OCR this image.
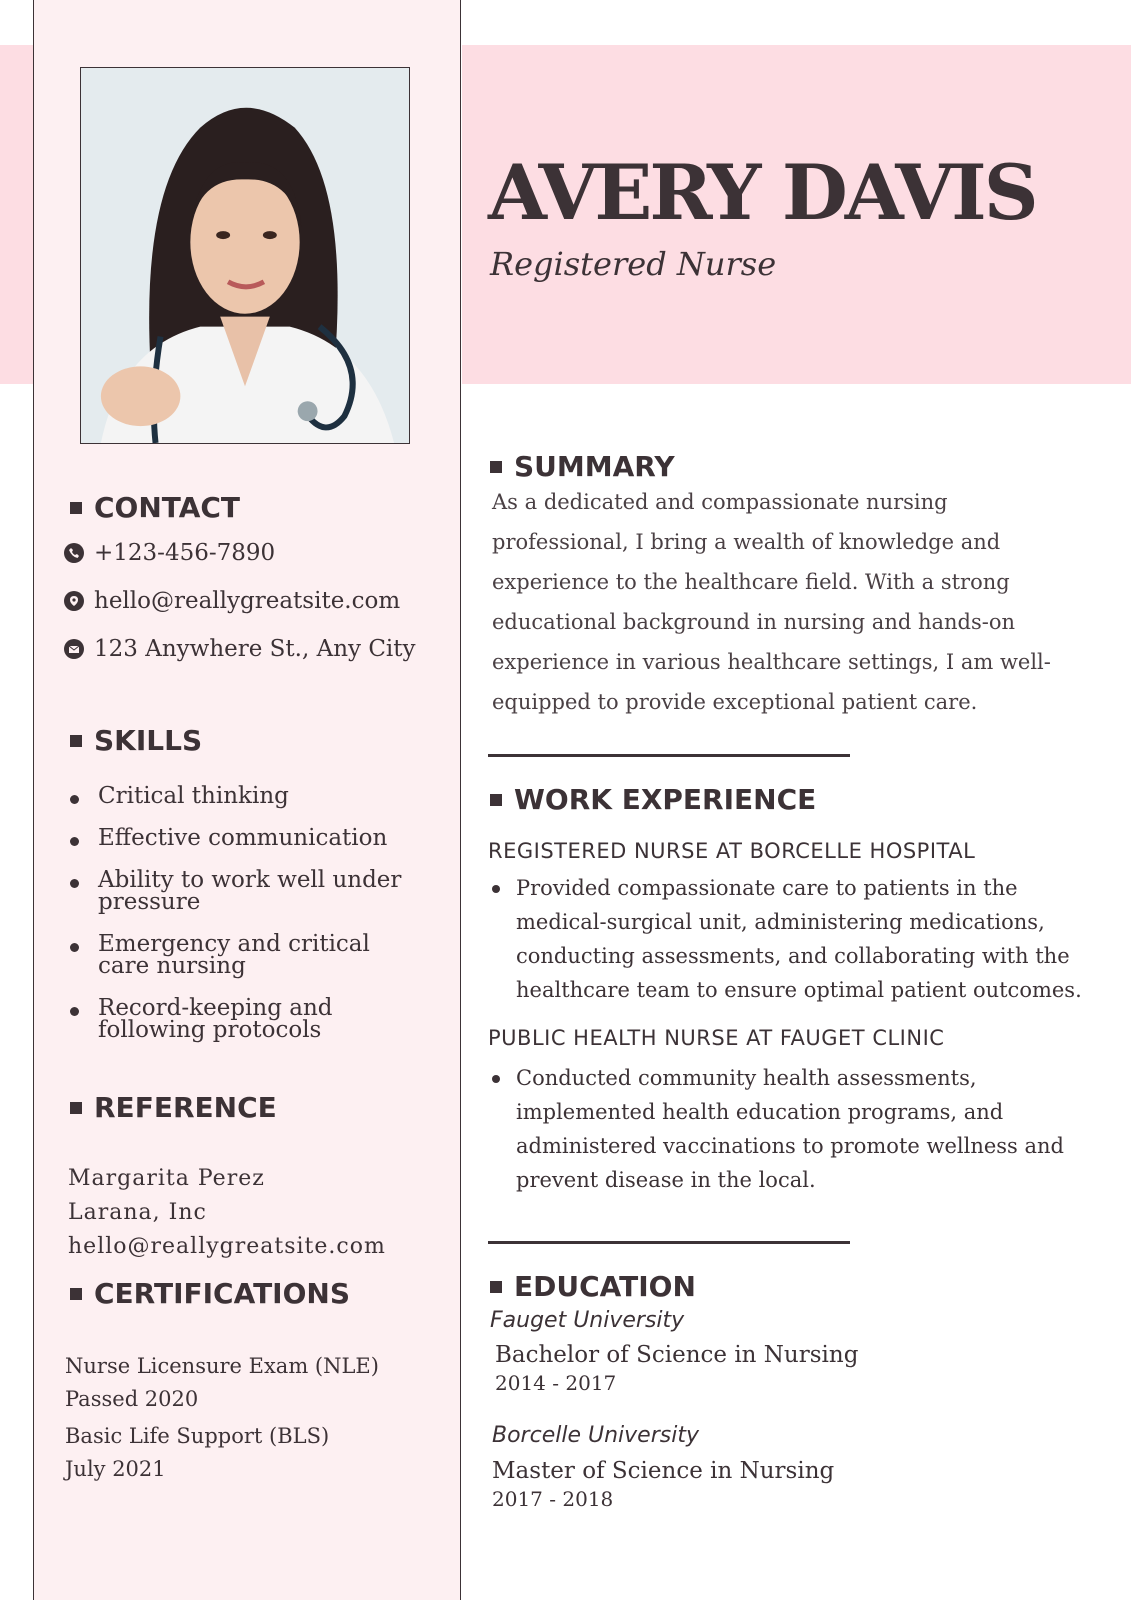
AVERY DAVIS
Registered Nurse
CONTACT
+123-456-7890
hello@reallygreatsite.com
123 Anywhere St., Any City
SKILLS
Critical thinking
Effective communication
Ability to work well under pressure
Emergency and critical care nursing
Record-keeping and following protocols
REFERENCE
Margarita Perez
Larana, Inc
hello@reallygreatsite.com
CERTIFICATIONS
Nurse Licensure Exam (NLE)
Passed 2020
Basic Life Support (BLS)
July 2021
SUMMARY
As a dedicated and compassionate nursing professional, I bring a wealth of knowledge and experience to the healthcare field. With a strong educational background in nursing and hands-on experience in various healthcare settings, I am well-equipped to provide exceptional patient care.
WORK EXPERIENCE
REGISTERED NURSE AT BORCELLE HOSPITAL
Provided compassionate care to patients in the medical-surgical unit, administering medications, conducting assessments, and collaborating with the healthcare team to ensure optimal patient outcomes.
PUBLIC HEALTH NURSE AT FAUGET CLINIC
Conducted community health assessments, implemented health education programs, and administered vaccinations to promote wellness and prevent disease in the local.
EDUCATION
Fauget University
Bachelor of Science in Nursing
2014 - 2017
Borcelle University
Master of Science in Nursing
2017 - 2018
